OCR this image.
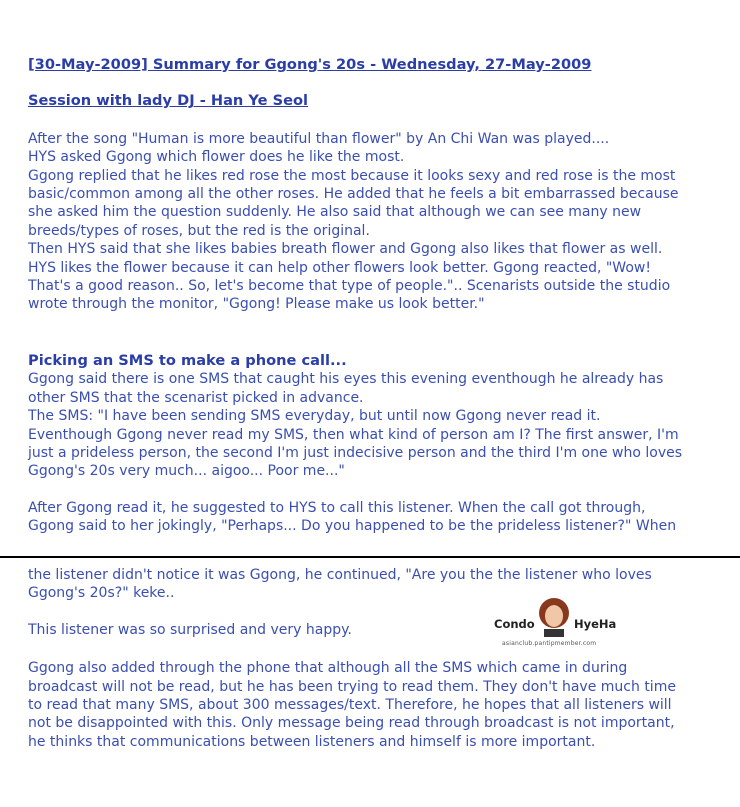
[30-May-2009] Summary for Ggong's 20s - Wednesday, 27-May-2009
Session with lady DJ - Han Ye Seol
After the song "Human is more beautiful than flower" by An Chi Wan was played....
HYS asked Ggong which flower does he like the most.
Ggong replied that he likes red rose the most because it looks sexy and red rose is the most
basic/common among all the other roses. He added that he feels a bit embarrassed because
she asked him the question suddenly. He also said that although we can see many new
breeds/types of roses, but the red is the original.
Then HYS said that she likes babies breath flower and Ggong also likes that flower as well.
HYS likes the flower because it can help other flowers look better. Ggong reacted, "Wow!
That's a good reason.. So, let's become that type of people.".. Scenarists outside the studio
wrote through the monitor, "Ggong! Please make us look better."
Picking an SMS to make a phone call...
Ggong said there is one SMS that caught his eyes this evening eventhough he already has
other SMS that the scenarist picked in advance.
The SMS: "I have been sending SMS everyday, but until now Ggong never read it.
Eventhough Ggong never read my SMS, then what kind of person am I? The first answer, I'm
just a prideless person, the second I'm just indecisive person and the third I'm one who loves
Ggong's 20s very much... aigoo... Poor me..."
After Ggong read it, he suggested to HYS to call this listener. When the call got through,
Ggong said to her jokingly, "Perhaps... Do you happened to be the prideless listener?" When
the listener didn't notice it was Ggong, he continued, "Are you the the listener who loves
Ggong's 20s?" keke..
This listener was so surprised and very happy.
Ggong also added through the phone that although all the SMS which came in during
broadcast will not be read, but he has been trying to read them. They don't have much time
to read that many SMS, about 300 messages/text. Therefore, he hopes that all listeners will
not be disappointed with this. Only message being read through broadcast is not important,
he thinks that communications between listeners and himself is more important.
Condo	HyeHa
asianclub.pantipmember.com
